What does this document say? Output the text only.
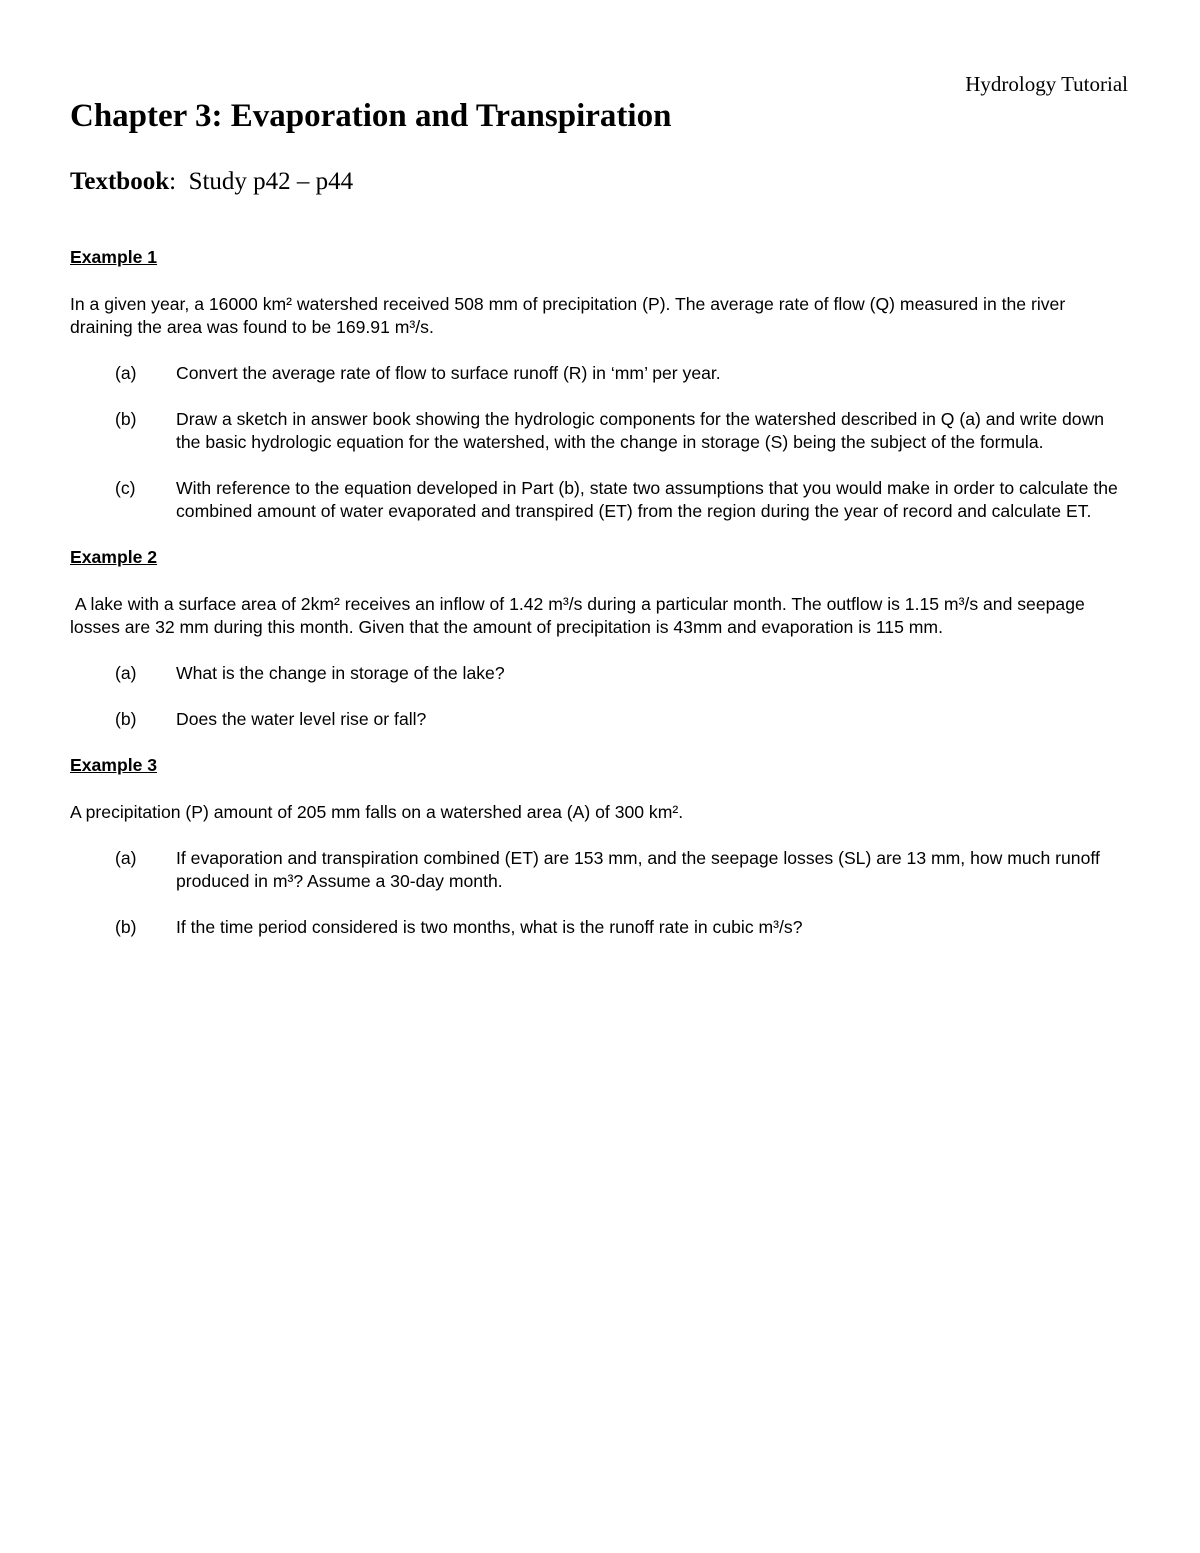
Hydrology Tutorial
Chapter 3: Evaporation and Transpiration
Textbook: Study p42 – p44
Example 1

In a given year, a 16000 km² watershed received 508 mm of precipitation (P). The average rate of flow (Q) measured in the river draining the area was found to be 169.91 m³/s.

(a)	Convert the average rate of flow to surface runoff (R) in ‘mm’ per year.
(b)	Draw a sketch in answer book showing the hydrologic components for the watershed described in Q (a) and write down the basic hydrologic equation for the watershed, with the change in storage (S) being the subject of the formula.
(c)	With reference to the equation developed in Part (b), state two assumptions that you would make in order to calculate the combined amount of water evaporated and transpired (ET) from the region during the year of record and calculate ET.
Example 2

A lake with a surface area of 2km² receives an inflow of 1.42 m³/s during a particular month. The outflow is 1.15 m³/s and seepage losses are 32 mm during this month. Given that the amount of precipitation is 43mm and evaporation is 115 mm.

(a)	What is the change in storage of the lake?
(b)	Does the water level rise or fall?
Example 3

A precipitation (P) amount of 205 mm falls on a watershed area (A) of 300 km².

(a)	If evaporation and transpiration combined (ET) are 153 mm, and the seepage losses (SL) are 13 mm, how much runoff produced in m³? Assume a 30-day month.
(b)	If the time period considered is two months, what is the runoff rate in cubic m³/s?
